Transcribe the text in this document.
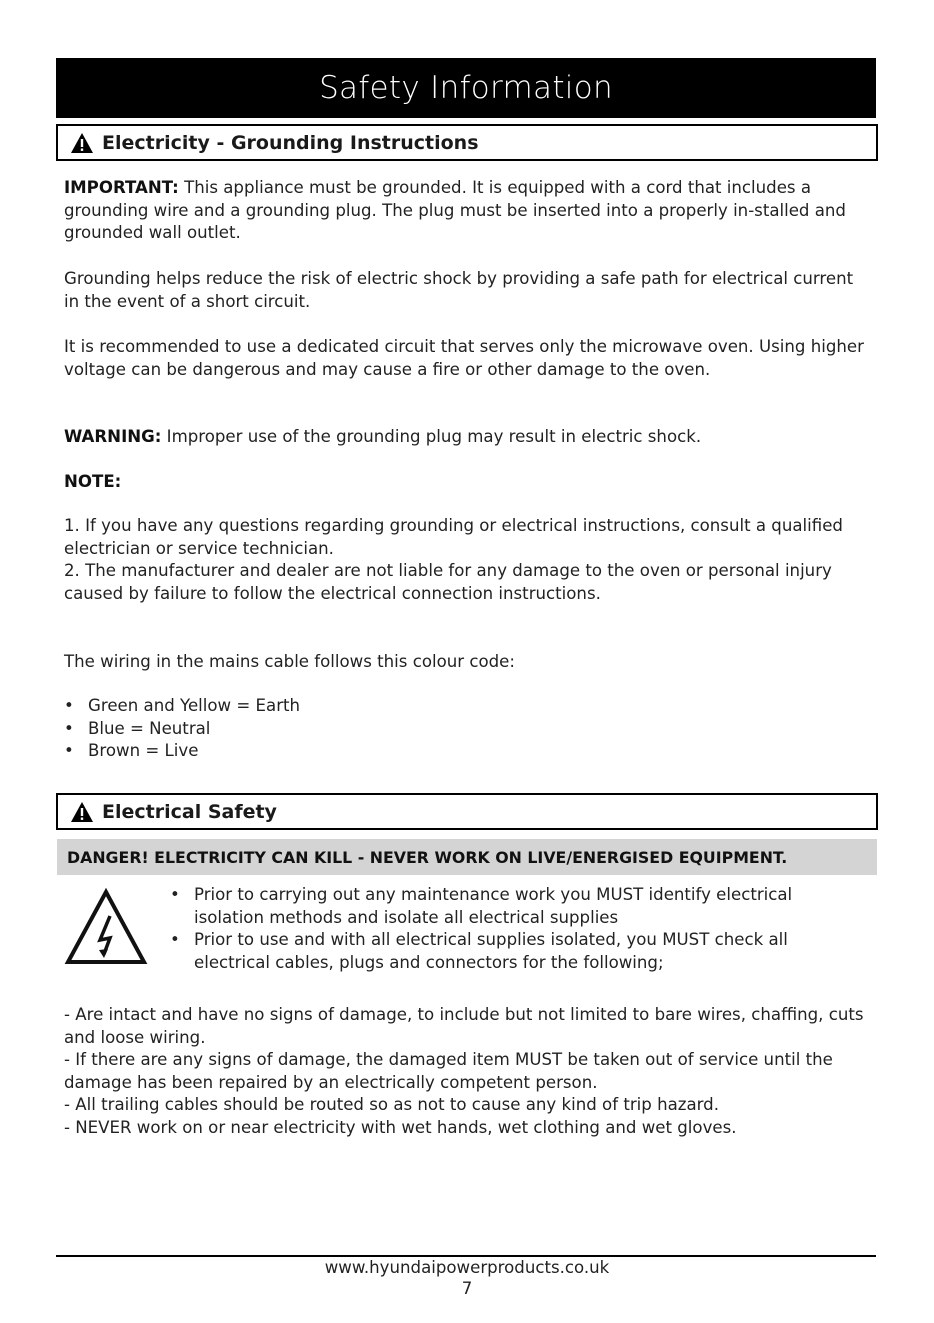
Safety Information
Electricity - Grounding Instructions

IMPORTANT: This appliance must be grounded. It is equipped with a cord that includes a grounding wire and a grounding plug. The plug must be inserted into a properly in-stalled and grounded wall outlet.

Grounding helps reduce the risk of electric shock by providing a safe path for electrical current in the event of a short circuit.
It is recommended to use a dedicated circuit that serves only the microwave oven. Using higher voltage can be dangerous and may cause a fire or other damage to the oven.

WARNING: Improper use of the grounding plug may result in electric shock.

NOTE:

1. If you have any questions regarding grounding or electrical instructions, consult a qualified electrician or service technician.

2. The manufacturer and dealer are not liable for any damage to the oven or personal injury caused by failure to follow the electrical connection instructions.

The wiring in the mains cable follows this colour code:
• Green and Yellow = Earth
• Blue = Neutral
• Brown = Live
Electrical Safety
DANGER! ELECTRICITY CAN KILL - NEVER WORK ON LIVE/ENERGISED EQUIPMENT.
• Prior to carrying out any maintenance work you MUST identify electrical isolation methods and isolate all electrical supplies
• Prior to use and with all electrical supplies isolated, you MUST check all electrical cables, plugs and connectors for the following;
- Are intact and have no signs of damage, to include but not limited to bare wires, chaffing, cuts and loose wiring.
- If there are any signs of damage, the damaged item MUST be taken out of service until the damage has been repaired by an electrically competent person.
- All trailing cables should be routed so as not to cause any kind of trip hazard.
- NEVER work on or near electricity with wet hands, wet clothing and wet gloves.
www.hyundaipowerproducts.co.uk
7
